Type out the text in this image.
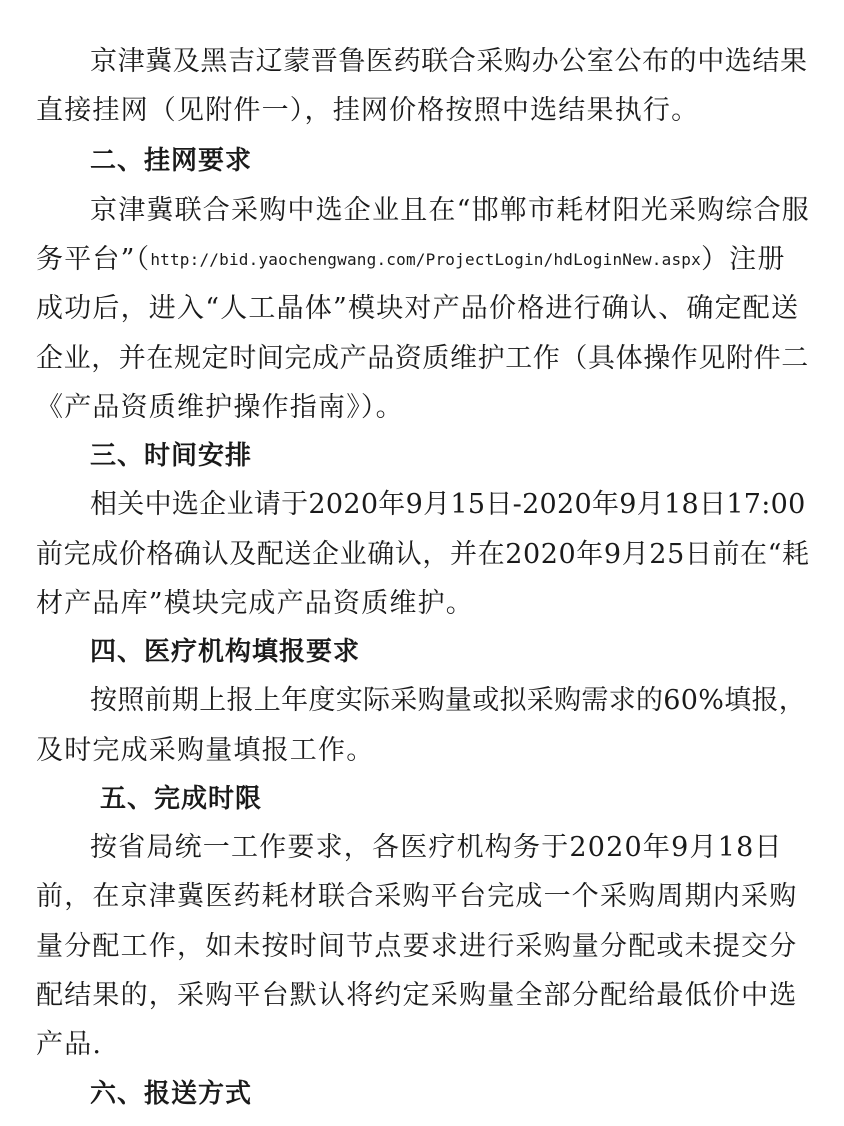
京津冀及黑吉辽蒙晋鲁医药联合采购办公室公布的中选结果
直接挂网（见附件一），挂网价格按照中选结果执行。
二、挂网要求
京津冀联合采购中选企业且在“邯郸市耗材阳光采购综合服
务平台”（http://bid.yaochengwang.com/ProjectLogin/hdLoginNew.aspx）注册
成功后，进入“人工晶体”模块对产品价格进行确认、确定配送
企业，并在规定时间完成产品资质维护工作（具体操作见附件二
《产品资质维护操作指南》）。
三、时间安排
相关中选企业请于2020年9月15日-2020年9月18日17:00
前完成价格确认及配送企业确认，并在2020年9月25日前在“耗
材产品库”模块完成产品资质维护。
四、医疗机构填报要求
按照前期上报上年度实际采购量或拟采购需求的60%填报，
及时完成采购量填报工作。
五、完成时限
按省局统一工作要求，各医疗机构务于2020年9月18日
前，在京津冀医药耗材联合采购平台完成一个采购周期内采购
量分配工作，如未按时间节点要求进行采购量分配或未提交分
配结果的，采购平台默认将约定采购量全部分配给最低价中选
产品.
六、报送方式
